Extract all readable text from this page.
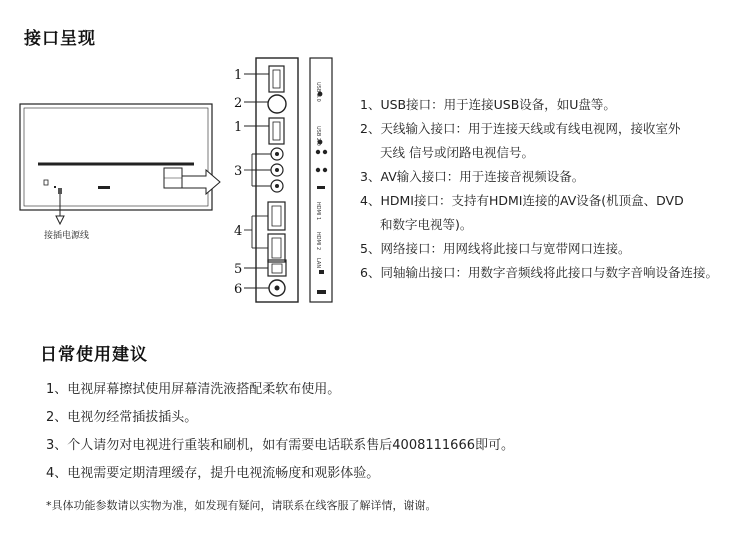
接口呈现
USB 3.0
USB 2.0
HDMI 1
HDMI 2
LAN
1
2
1
3
4
5
6
接插电源线
1、USB接口：用于连接USB设备，如U盘等。
2、天线输入接口：用于连接天线或有线电视网，接收室外
天线 信号或闭路电视信号。
3、AV输入接口：用于连接音视频设备。
4、HDMI接口：支持有HDMI连接的AV设备(机顶盒、DVD
和数字电视等)。
5、网络接口：用网线将此接口与宽带网口连接。
6、同轴输出接口：用数字音频线将此接口与数字音响设备连接。
日常使用建议
1、电视屏幕擦拭使用屏幕清洗液搭配柔软布使用。
2、电视勿经常插拔插头。
3、个人请勿对电视进行重装和刷机，如有需要电话联系售后4008111666即可。
4、电视需要定期清理缓存，提升电视流畅度和观影体验。
*具体功能参数请以实物为准，如发现有疑问，请联系在线客服了解详情，谢谢。
